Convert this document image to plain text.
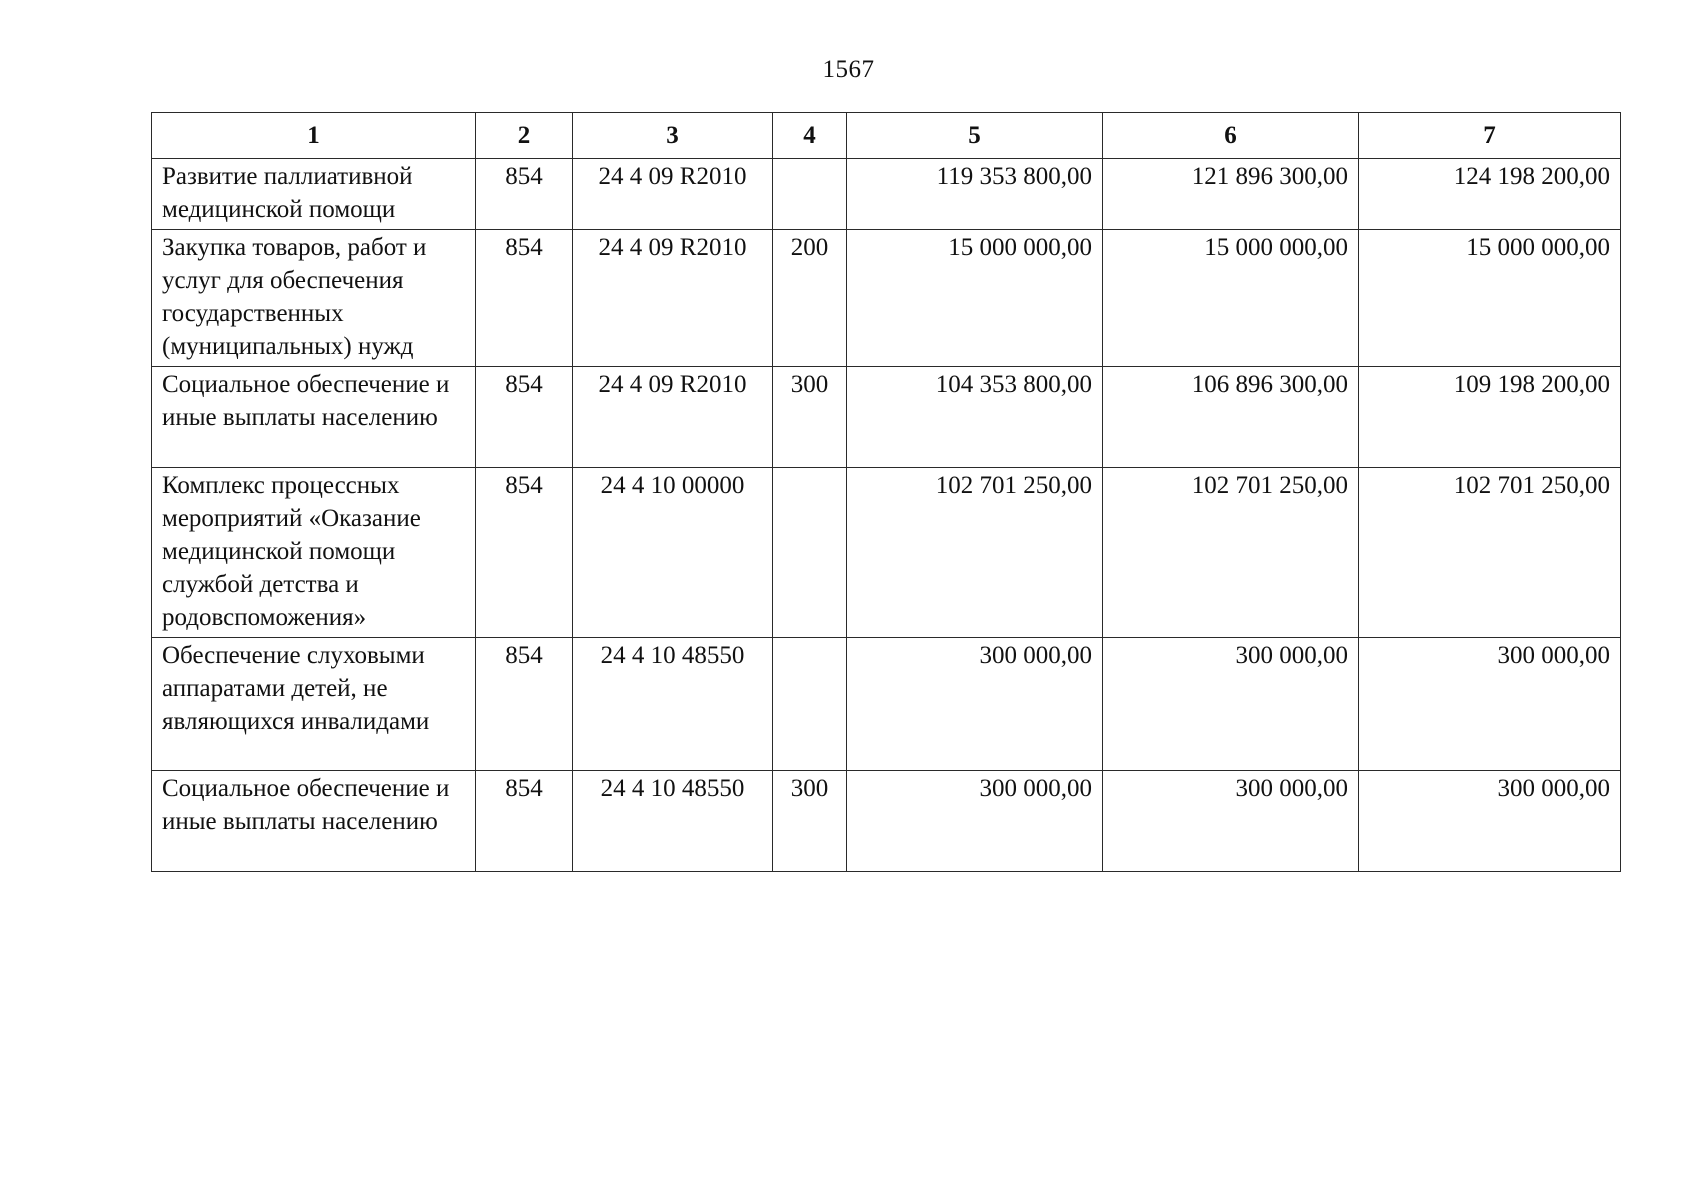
1567
1	2	3	4	5	6	7
Развитие паллиативной медицинской помощи	854	24 4 09 R2010		119 353 800,00	121 896 300,00	124 198 200,00
Закупка товаров, работ и услуг для обеспечения государственных (муниципальных) нужд	854	24 4 09 R2010	200	15 000 000,00	15 000 000,00	15 000 000,00
Социальное обеспечение и иные выплаты населению	854	24 4 09 R2010	300	104 353 800,00	106 896 300,00	109 198 200,00
Комплекс процессных мероприятий «Оказание медицинской помощи службой детства и родовспоможения»	854	24 4 10 00000		102 701 250,00	102 701 250,00	102 701 250,00
Обеспечение слуховыми аппаратами детей, не являющихся инвалидами	854	24 4 10 48550		300 000,00	300 000,00	300 000,00
Социальное обеспечение и иные выплаты населению	854	24 4 10 48550	300	300 000,00	300 000,00	300 000,00
